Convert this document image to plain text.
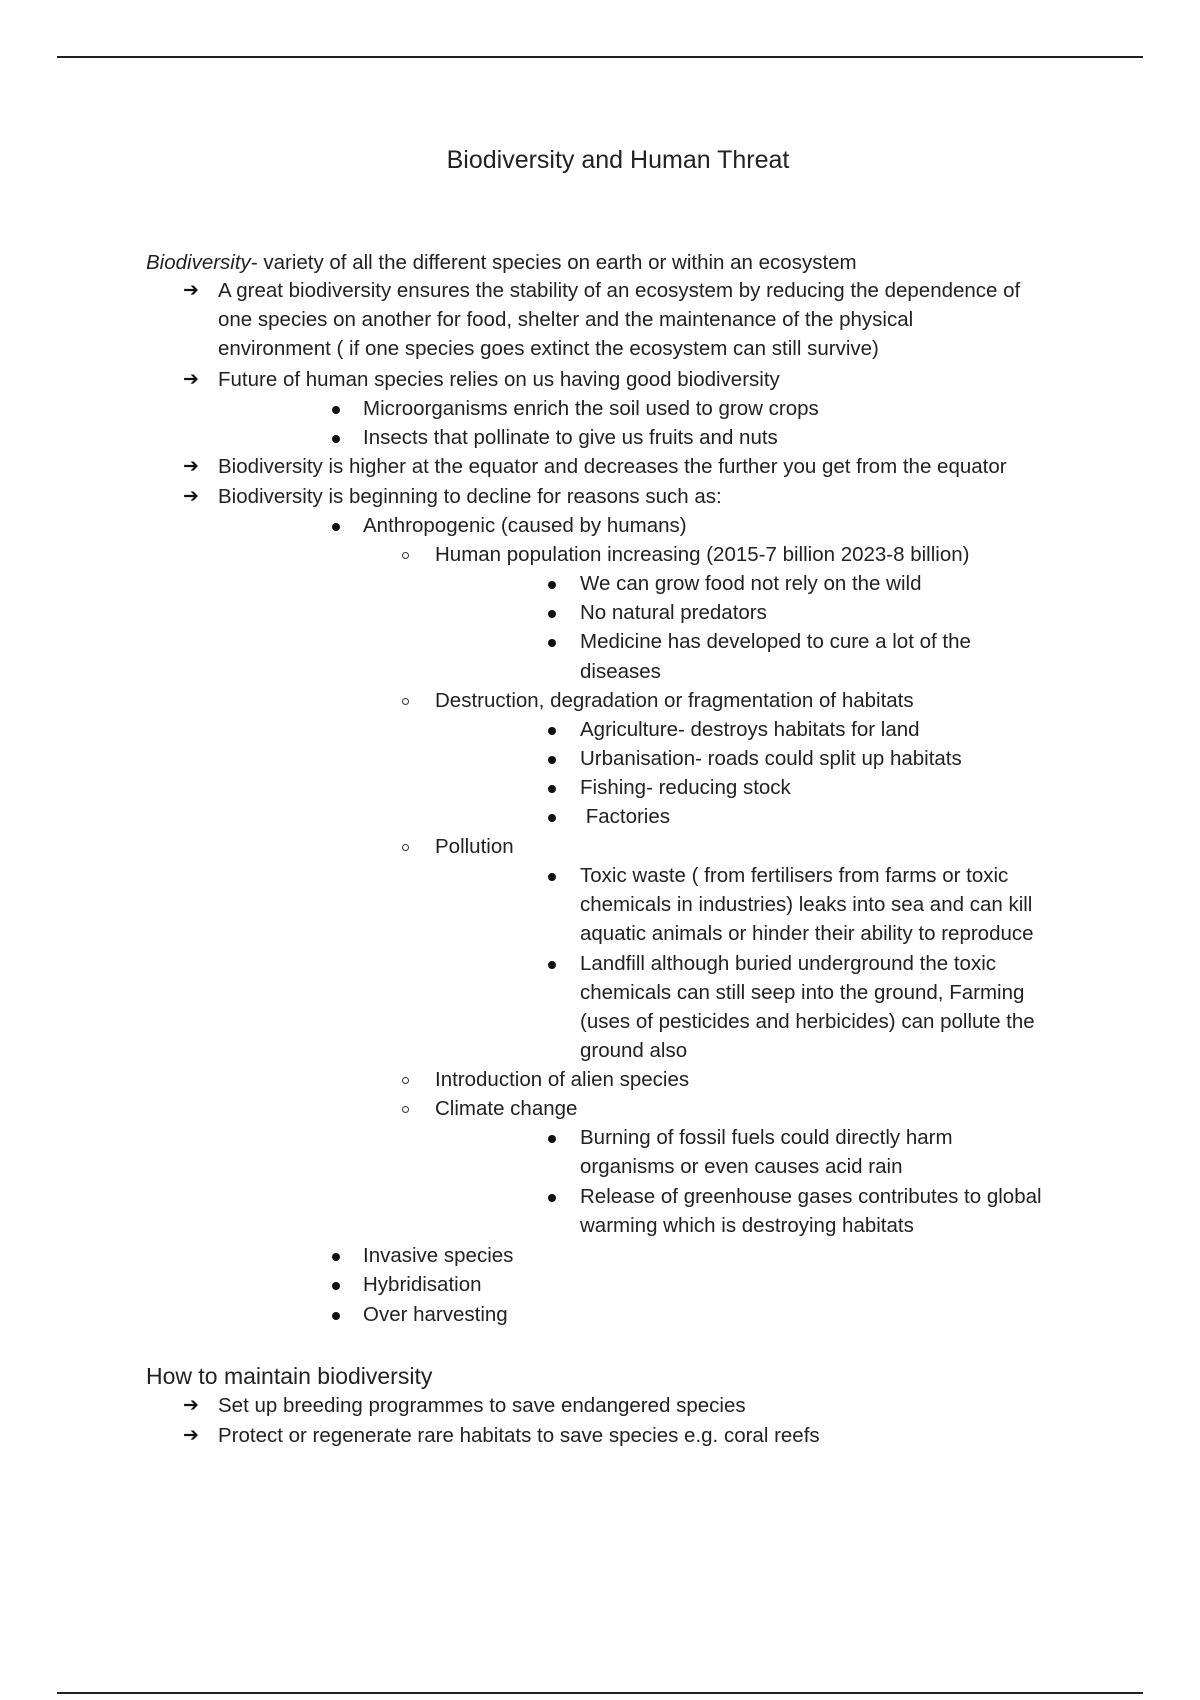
Biodiversity and Human Threat
Biodiversity- variety of all the different species on earth or within an ecosystem
➔ A great biodiversity ensures the stability of an ecosystem by reducing the dependence of
one species on another for food, shelter and the maintenance of the physical
environment ( if one species goes extinct the ecosystem can still survive)
➔ Future of human species relies on us having good biodiversity
Microorganisms enrich the soil used to grow crops
Insects that pollinate to give us fruits and nuts
➔ Biodiversity is higher at the equator and decreases the further you get from the equator
➔ Biodiversity is beginning to decline for reasons such as:
Anthropogenic (caused by humans)
Human population increasing (2015-7 billion 2023-8 billion)
We can grow food not rely on the wild
No natural predators
Medicine has developed to cure a lot of the
diseases
Destruction, degradation or fragmentation of habitats
Agriculture- destroys habitats for land
Urbanisation- roads could split up habitats
Fishing- reducing stock
Factories
Pollution
Toxic waste ( from fertilisers from farms or toxic
chemicals in industries) leaks into sea and can kill
aquatic animals or hinder their ability to reproduce
Landfill although buried underground the toxic
chemicals can still seep into the ground, Farming
(uses of pesticides and herbicides) can pollute the
ground also
Introduction of alien species
Climate change
Burning of fossil fuels could directly harm
organisms or even causes acid rain
Release of greenhouse gases contributes to global
warming which is destroying habitats
Invasive species
Hybridisation
Over harvesting
How to maintain biodiversity
➔ Set up breeding programmes to save endangered species
➔ Protect or regenerate rare habitats to save species e.g. coral reefs
